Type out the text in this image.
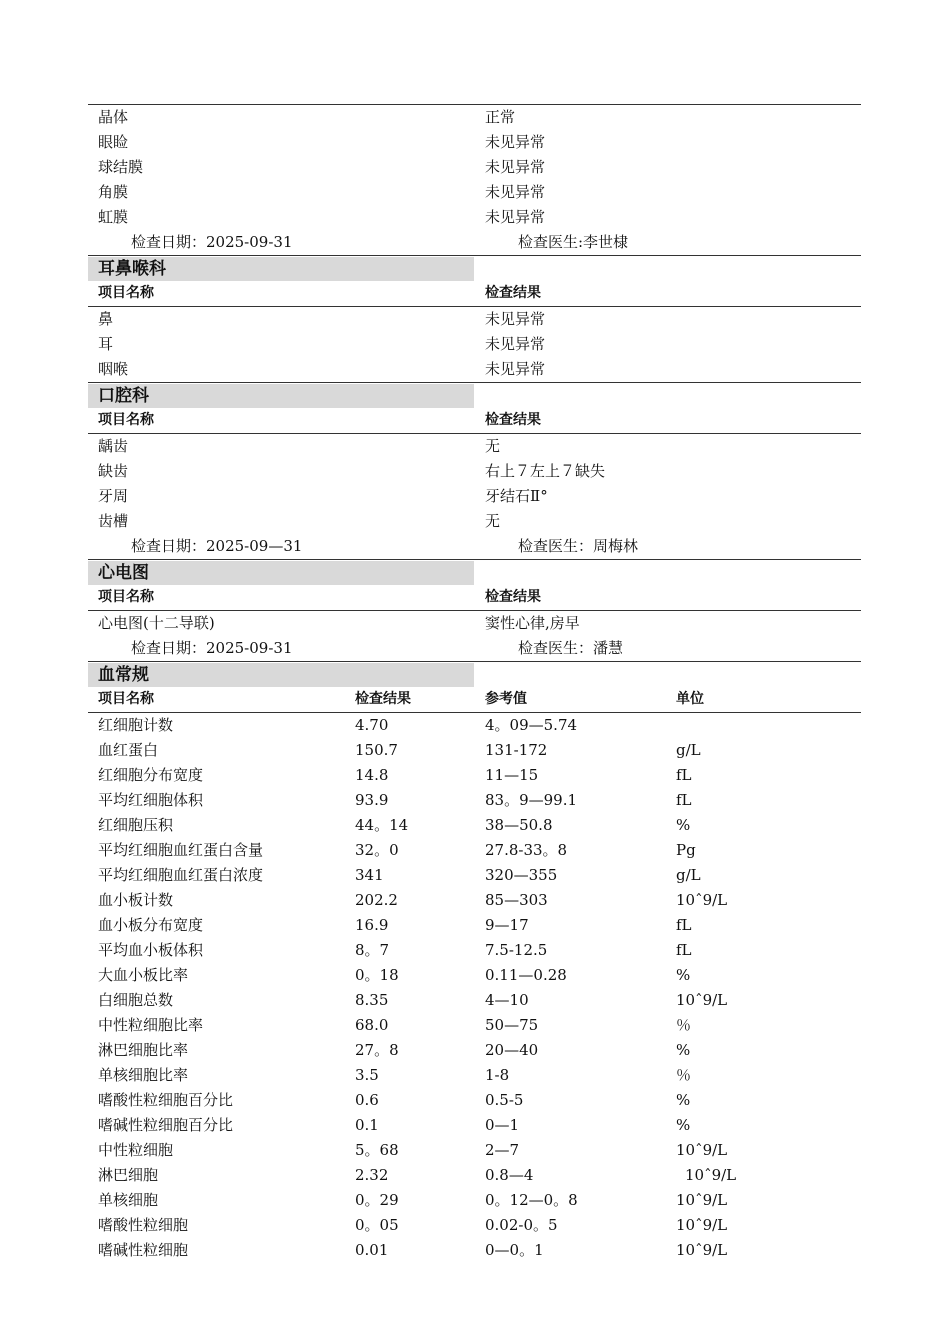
晶体	正常
眼睑	未见异常
球结膜	未见异常
角膜	未见异常
虹膜	未见异常
检查日期：2025-09-31	检查医生:李世棣
耳鼻喉科
项目名称	检查结果
鼻	未见异常
耳	未见异常
咽喉	未见异常
口腔科
项目名称	检查结果
龋齿	无
缺齿	右上７左上７缺失
牙周	牙结石Ⅱ°
齿槽	无
检查日期：2025-09—31	检查医生：周梅林
心电图
项目名称	检查结果
心电图(十二导联)	窦性心律,房早
检查日期：2025-09-31	检查医生：潘慧
血常规
项目名称	检查结果	参考值	单位
红细胞计数	4.70	4。09—5.74
血红蛋白	150.7	131-172	g/L
红细胞分布宽度	14.8	11—15	fL
平均红细胞体积	93.9	83。9—99.1	fL
红细胞压积	44。14	38—50.8	%
平均红细胞血红蛋白含量	32。0	27.8-33。8	Pg
平均红细胞血红蛋白浓度	341	320—355	g/L
血小板计数	202.2	85—303	10ˆ9/L
血小板分布宽度	16.9	9—17	fL
平均血小板体积	8。7	7.5-12.5	fL
大血小板比率	0。18	0.11—0.28	%
白细胞总数	8.35	4—10	10ˆ9/L
中性粒细胞比率	68.0	50—75	％
淋巴细胞比率	27。8	20—40	%
单核细胞比率	3.5	1-8	％
嗜酸性粒细胞百分比	0.6	0.5-5	%
嗜碱性粒细胞百分比	0.1	0—1	%
中性粒细胞	5。68	2—7	10ˆ9/L
淋巴细胞	2.32	0.8—4	10ˆ9/L
单核细胞	0。29	0。12—0。8	10ˆ9/L
嗜酸性粒细胞	0。05	0.02-0。5	10ˆ9/L
嗜碱性粒细胞	0.01	0—0。1	10ˆ9/L
